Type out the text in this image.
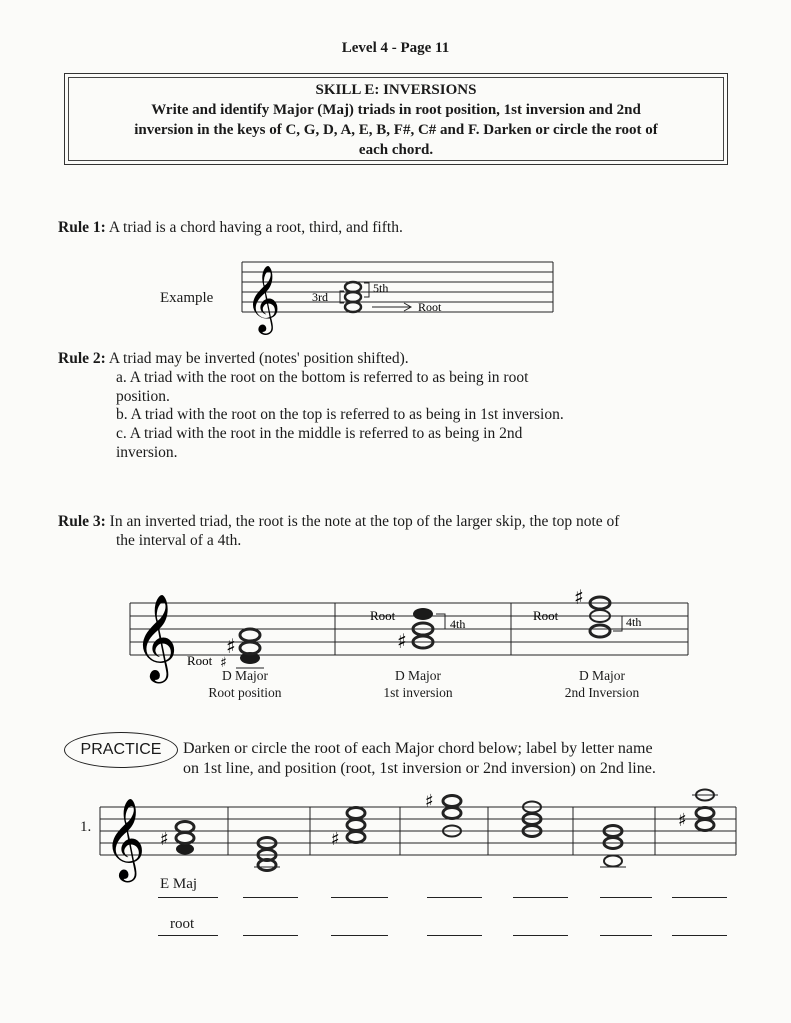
Level 4 - Page 11
SKILL E: INVERSIONS
Write and identify Major (Maj) triads in root position, 1st inversion and 2nd
inversion in the keys of C, G, D, A, E, B, F#, C# and F. Darken or circle the root of
each chord.
Rule 1: A triad is a chord having a root, third, and fifth.
Example 𝄞	3rd
5th
Root
Rule 2: A triad may be inverted (notes' position shifted).
a. A triad with the root on the bottom is referred to as being in root
position.
b. A triad with the root on the top is referred to as being in 1st inversion.
c. A triad with the root in the middle is referred to as being in 2nd
inversion.
Rule 3: In an inverted triad, the root is the note at the top of the larger skip, the top note of
the interval of a 4th.
𝄞 ♯
Root ♯
♯
Root
4th
♯
Root	4th
D Major
Root position
D Major
1st inversion
D Major
2nd Inversion
PRACTICE	Darken or circle the root of each Major chord below; label by letter name
on 1st line, and position (root, 1st inversion or 2nd inversion) on 2nd line.
1. 𝄞 ♯	♯
♯
♯
E Maj
root
